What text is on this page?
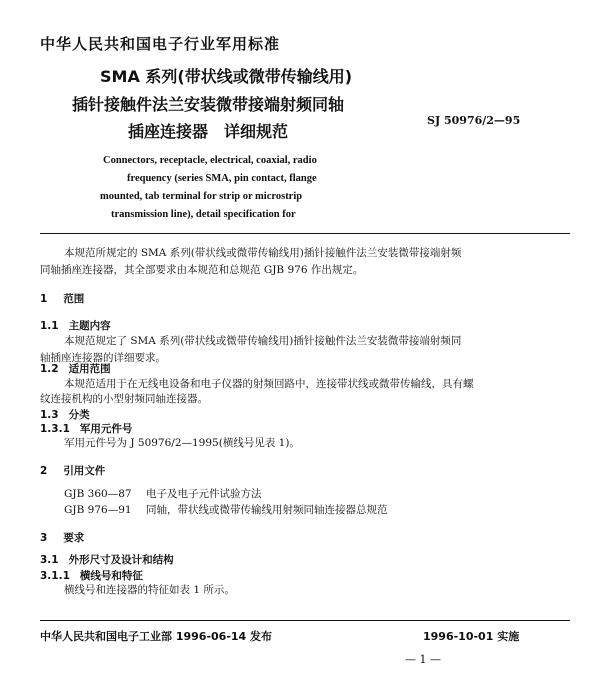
中华人民共和国电子行业军用标准
SMA 系列(带状线或微带传输线用)
插针接触件法兰安装微带接端射频同轴
插座连接器　详细规范
SJ 50976/2—95
Connectors, receptacle, electrical, coaxial, radio
frequency (series SMA, pin contact, flange
mounted, tab terminal for strip or microstrip
transmission line), detail specification for
本规范所规定的 SMA 系列(带状线或微带传输线用)插针接触件法兰安装微带接端射频
同轴插座连接器，其全部要求由本规范和总规范 GJB 976 作出规定。
1 范围
1.1 主题内容
本规范规定了 SMA 系列(带状线或微带传输线用)插针接触件法兰安装微带接端射频同
轴插座连接器的详细要求。
1.2 适用范围
本规范适用于在无线电设备和电子仪器的射频回路中，连接带状线或微带传输线，具有螺
纹连接机构的小型射频同轴连接器。
1.3 分类
1.3.1 军用元件号
军用元件号为 J 50976/2—1995(横线号见表 1)。
2 引用文件
GJB 360—87 电子及电子元件试验方法
GJB 976—91 同轴，带状线或微带传输线用射频同轴连接器总规范
3 要求
3.1 外形尺寸及设计和结构
3.1.1 横线号和特征
横线号和连接器的特征如表 1 所示。
中华人民共和国电子工业部 1996-06-14 发布	1996-10-01 实施
— 1 —
